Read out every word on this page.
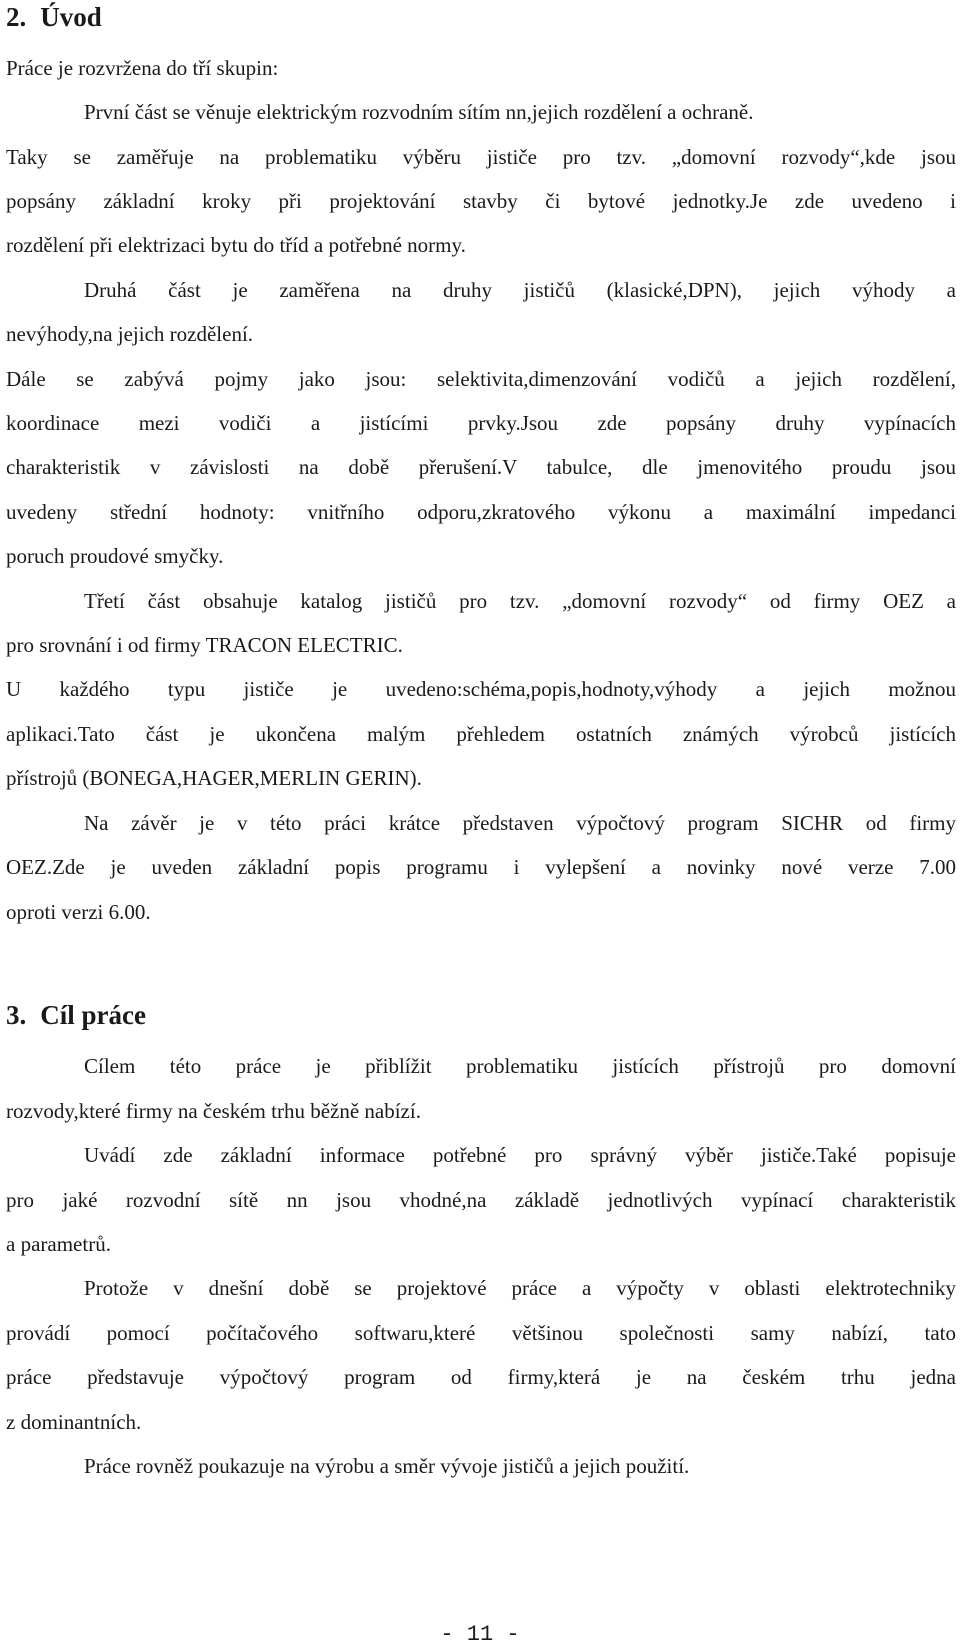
2. Úvod
Práce je rozvržena do tří skupin:
První část se věnuje elektrickým rozvodním sítím nn,jejich rozdělení a ochraně.
Taky se zaměřuje na problematiku výběru jističe pro tzv. „domovní rozvody“,kde jsou
popsány základní kroky při projektování stavby či bytové jednotky.Je zde uvedeno i
rozdělení při elektrizaci bytu do tříd a potřebné normy.
Druhá část je zaměřena na druhy jističů (klasické,DPN), jejich výhody a
nevýhody,na jejich rozdělení.
Dále se zabývá pojmy jako jsou: selektivita,dimenzování vodičů a jejich rozdělení,
koordinace mezi vodiči a jistícími prvky.Jsou zde popsány druhy vypínacích
charakteristik v závislosti na době přerušení.V tabulce, dle jmenovitého proudu jsou
uvedeny střední hodnoty: vnitřního odporu,zkratového výkonu a maximální impedanci
poruch proudové smyčky.
Třetí část obsahuje katalog jističů pro tzv. „domovní rozvody“ od firmy OEZ a
pro srovnání i od firmy TRACON ELECTRIC.
U každého typu jističe je uvedeno:schéma,popis,hodnoty,výhody a jejich možnou
aplikaci.Tato část je ukončena malým přehledem ostatních známých výrobců jistících
přístrojů (BONEGA,HAGER,MERLIN GERIN).
Na závěr je v této práci krátce představen výpočtový program SICHR od firmy
OEZ.Zde je uveden základní popis programu i vylepšení a novinky nové verze 7.00
oproti verzi 6.00.
3. Cíl práce
Cílem této práce je přiblížit problematiku jistících přístrojů pro domovní
rozvody,které firmy na českém trhu běžně nabízí.
Uvádí zde základní informace potřebné pro správný výběr jističe.Také popisuje
pro jaké rozvodní sítě nn jsou vhodné,na základě jednotlivých vypínací charakteristik
a parametrů.
Protože v dnešní době se projektové práce a výpočty v oblasti elektrotechniky
provádí pomocí počítačového softwaru,které většinou společnosti samy nabízí, tato
práce představuje výpočtový program od firmy,která je na českém trhu jedna
z dominantních.
Práce rovněž poukazuje na výrobu a směr vývoje jističů a jejich použití.
- 11 -
